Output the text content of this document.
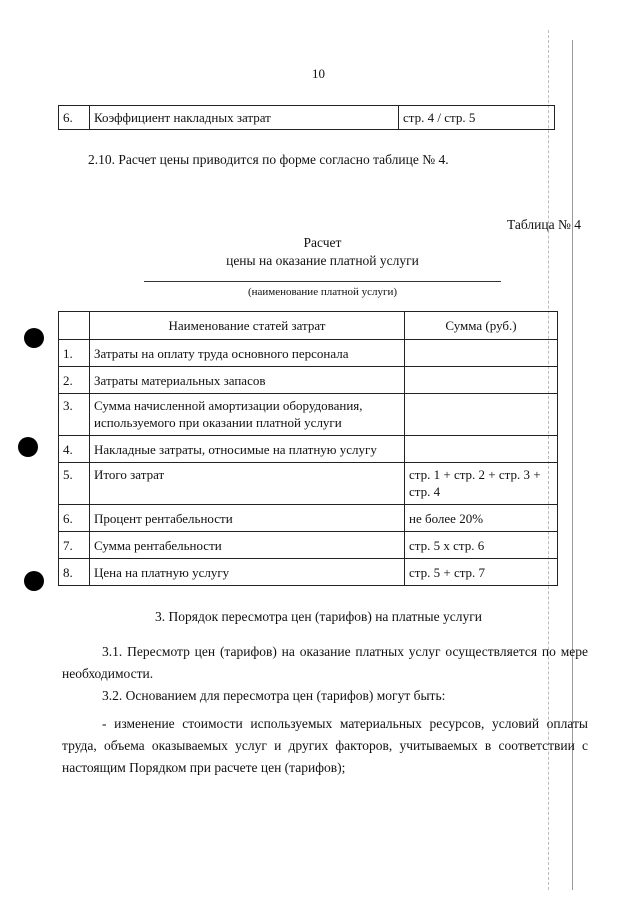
10
6.	Коэффициент накладных затрат	стр. 4 / стр. 5
2.10. Расчет цены приводится по форме согласно таблице № 4.
Таблица № 4
Расчет
цены на оказание платной услуги
(наименование платной услуги)
	Наименование статей затрат	Сумма (руб.)
1.	Затраты на оплату труда основного персонала	
2.	Затраты материальных запасов	
3.	Сумма начисленной амортизации оборудования, используемого при оказании платной услуги	
4.	Накладные затраты, относимые на платную услугу	
5.	Итого затрат	стр. 1 + стр. 2 + стр. 3 + стр. 4
6.	Процент рентабельности	не более 20%
7.	Сумма рентабельности	стр. 5 х стр. 6
8.	Цена на платную услугу	стр. 5 + стр. 7
3. Порядок пересмотра цен (тарифов) на платные услуги
3.1. Пересмотр цен (тарифов) на оказание платных услуг осуществляется по мере необходимости.
3.2. Основанием для пересмотра цен (тарифов) могут быть:
- изменение стоимости используемых материальных ресурсов, условий оплаты труда, объема оказываемых услуг и других факторов, учитываемых в соответствии с настоящим Порядком при расчете цен (тарифов);
